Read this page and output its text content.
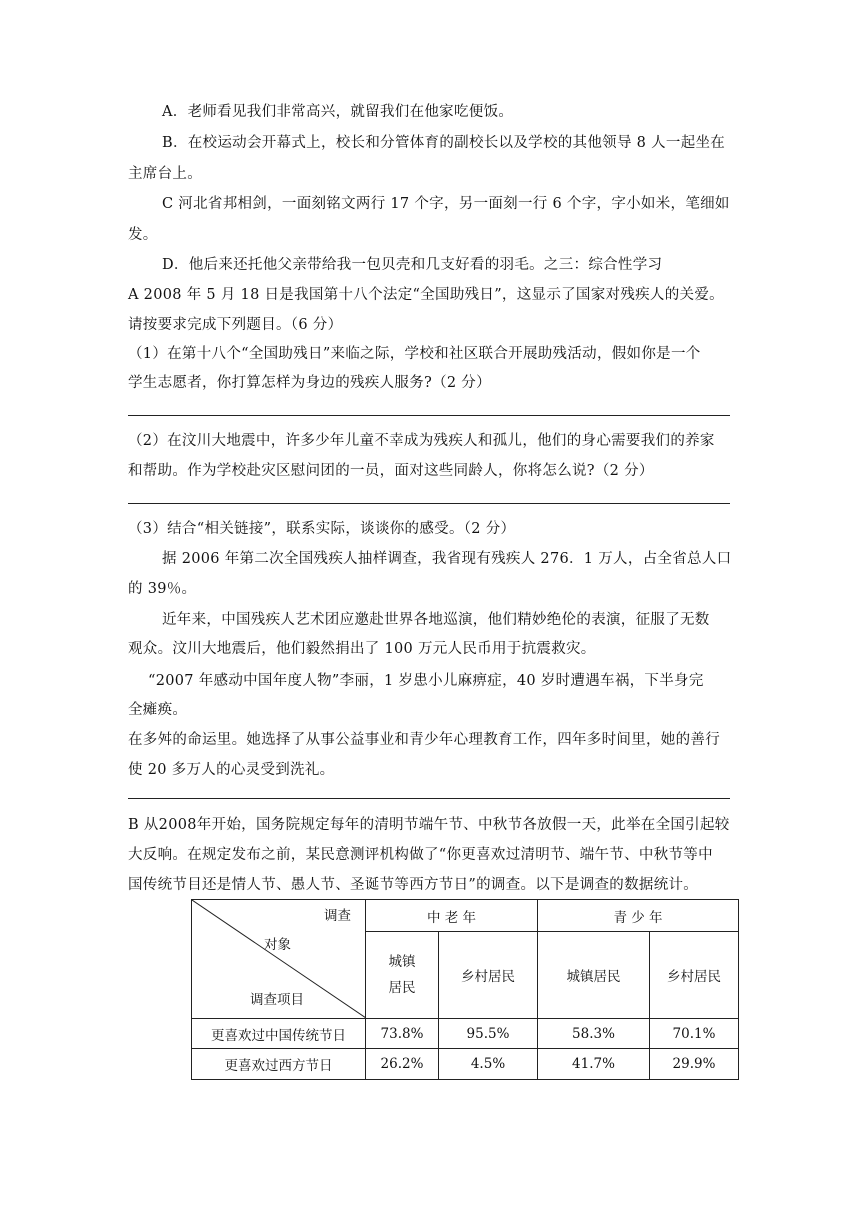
A．老师看见我们非常高兴，就留我们在他家吃便饭。
B．在校运动会开幕式上，校长和分管体育的副校长以及学校的其他领导 8 人一起坐在
主席台上。
C 河北省邦相剑，一面刻铭文两行 17 个字，另一面刻一行 6 个字，字小如米，笔细如
发。
D．他后来还托他父亲带给我一包贝壳和几支好看的羽毛。之三：综合性学习
A 2008 年 5 月 18 日是我国第十八个法定“全国助残日”，这显示了国家对残疾人的关爱。
请按要求完成下列题目。（6 分）
（1）在第十八个“全国助残日”来临之际，学校和社区联合开展助残活动，假如你是一个
学生志愿者，你打算怎样为身边的残疾人服务?（2 分）
（2）在汶川大地震中，许多少年儿童不幸成为残疾人和孤儿，他们的身心需要我们的养家
和帮助。作为学校赴灾区慰问团的一员，面对这些同龄人，你将怎么说?（2 分）
（3）结合“相关链接”，联系实际，谈谈你的感受。（2 分）
据 2006 年第二次全国残疾人抽样调查，我省现有残疾人 276．1 万人，占全省总人口
的 39％。
近年来，中国残疾人艺术团应邀赴世界各地巡演，他们精妙绝伦的表演，征服了无数
观众。汶川大地震后，他们毅然捐出了 100 万元人民币用于抗震救灾。
“2007 年感动中国年度人物”李丽，1 岁患小儿麻痹症，40 岁时遭遇车祸，下半身完
全瘫痪。
在多舛的命运里。她选择了从事公益事业和青少年心理教育工作，四年多时间里，她的善行
使 20 多万人的心灵受到洗礼。
B 从2008年开始，国务院规定每年的清明节端午节、中秋节各放假一天，此举在全国引起较
大反响。在规定发布之前，某民意测评机构做了“你更喜欢过清明节、端午节、中秋节等中
国传统节目还是情人节、愚人节、圣诞节等西方节日”的调查。以下是调查的数据统计。
调查
对象
调查项目	中 老 年		青 少 年	
	城镇居民	乡村居民	城镇居民	乡村居民
更喜欢过中国传统节日	73.8%	95.5%	58.3%	70.1%
更喜欢过西方节日	26.2%	4.5%	41.7%	29.9%
